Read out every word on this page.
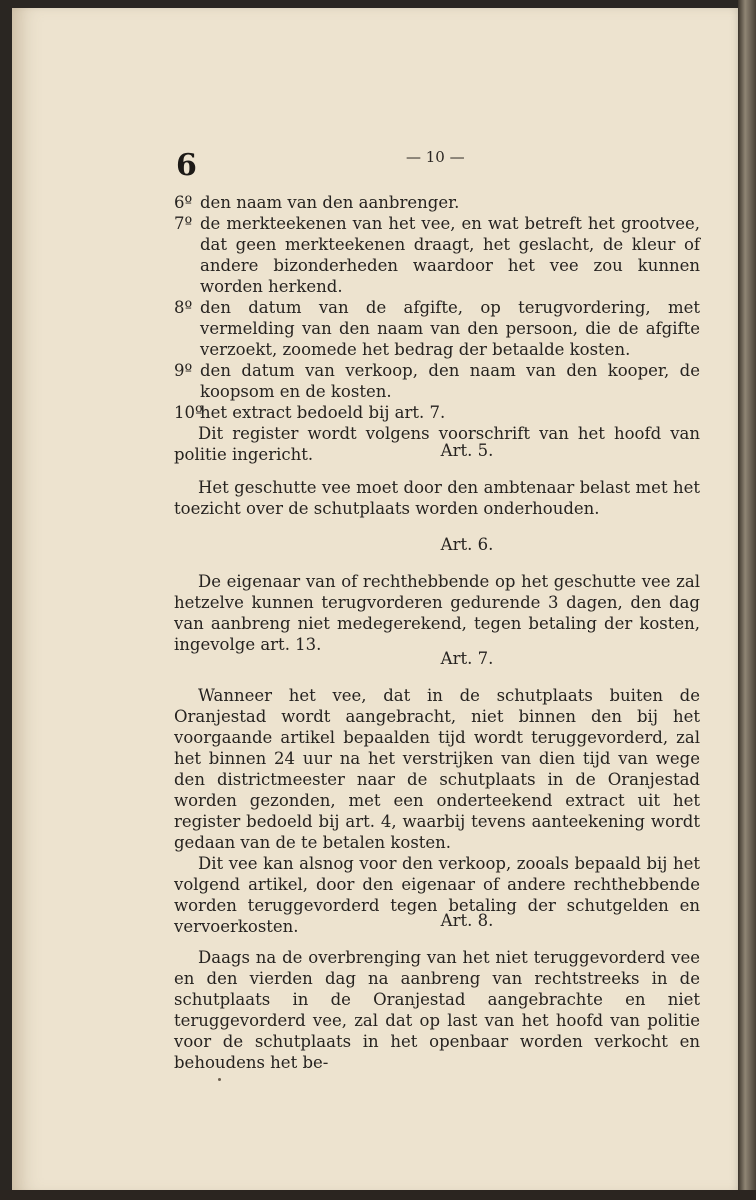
6	— 10 —
6º den naam van den aanbrenger.
7º de merkteekenen van het vee, en wat betreft het grootvee, dat geen merkteekenen draagt, het geslacht, de kleur of andere bizonderheden waardoor het vee zou kunnen worden herkend.
8º den datum van de afgifte, op terugvordering, met vermelding van den naam van den persoon, die de afgifte verzoekt, zoomede het bedrag der betaalde kosten.
9º den datum van verkoop, den naam van den kooper, de koopsom en de kosten.
10º
het extract bedoeld bij art. 7.

Dit register wordt volgens voorschrift van het hoofd van politie ingericht.	Art. 5.

Het geschutte vee moet door den ambtenaar belast met het toezicht over de schutplaats worden onderhouden.

Art. 6.

De eigenaar van of rechthebbende op het geschutte vee zal hetzelve kunnen terugvorderen gedurende 3 dagen, den dag van aanbreng niet medegerekend, tegen betaling der kosten, ingevolge art. 13.

Art. 7.

Wanneer het vee, dat in de schutplaats buiten de Oranjestad wordt aangebracht, niet binnen den bij het voorgaande artikel bepaalden tijd wordt teruggevorderd, zal het binnen 24 uur na het verstrijken van dien tijd van wege den districtmeester naar de schutplaats in de Oranjestad worden gezonden, met een onderteekend extract uit het register bedoeld bij art. 4, waarbij tevens aanteekening wordt gedaan van de te betalen kosten.

Dit vee kan alsnog voor den verkoop, zooals bepaald bij het volgend artikel, door den eigenaar of andere rechthebbende worden teruggevorderd tegen betaling der schutgelden en vervoerkosten.	Art. 8.

Daags na de overbrenging van het niet teruggevorderd vee en den vierden dag na aanbreng van rechtstreeks in de schutplaats in de Oranjestad aangebrachte en niet teruggevorderd vee, zal dat op last van het hoofd van politie voor de schutplaats in het openbaar worden verkocht en behoudens het be-
